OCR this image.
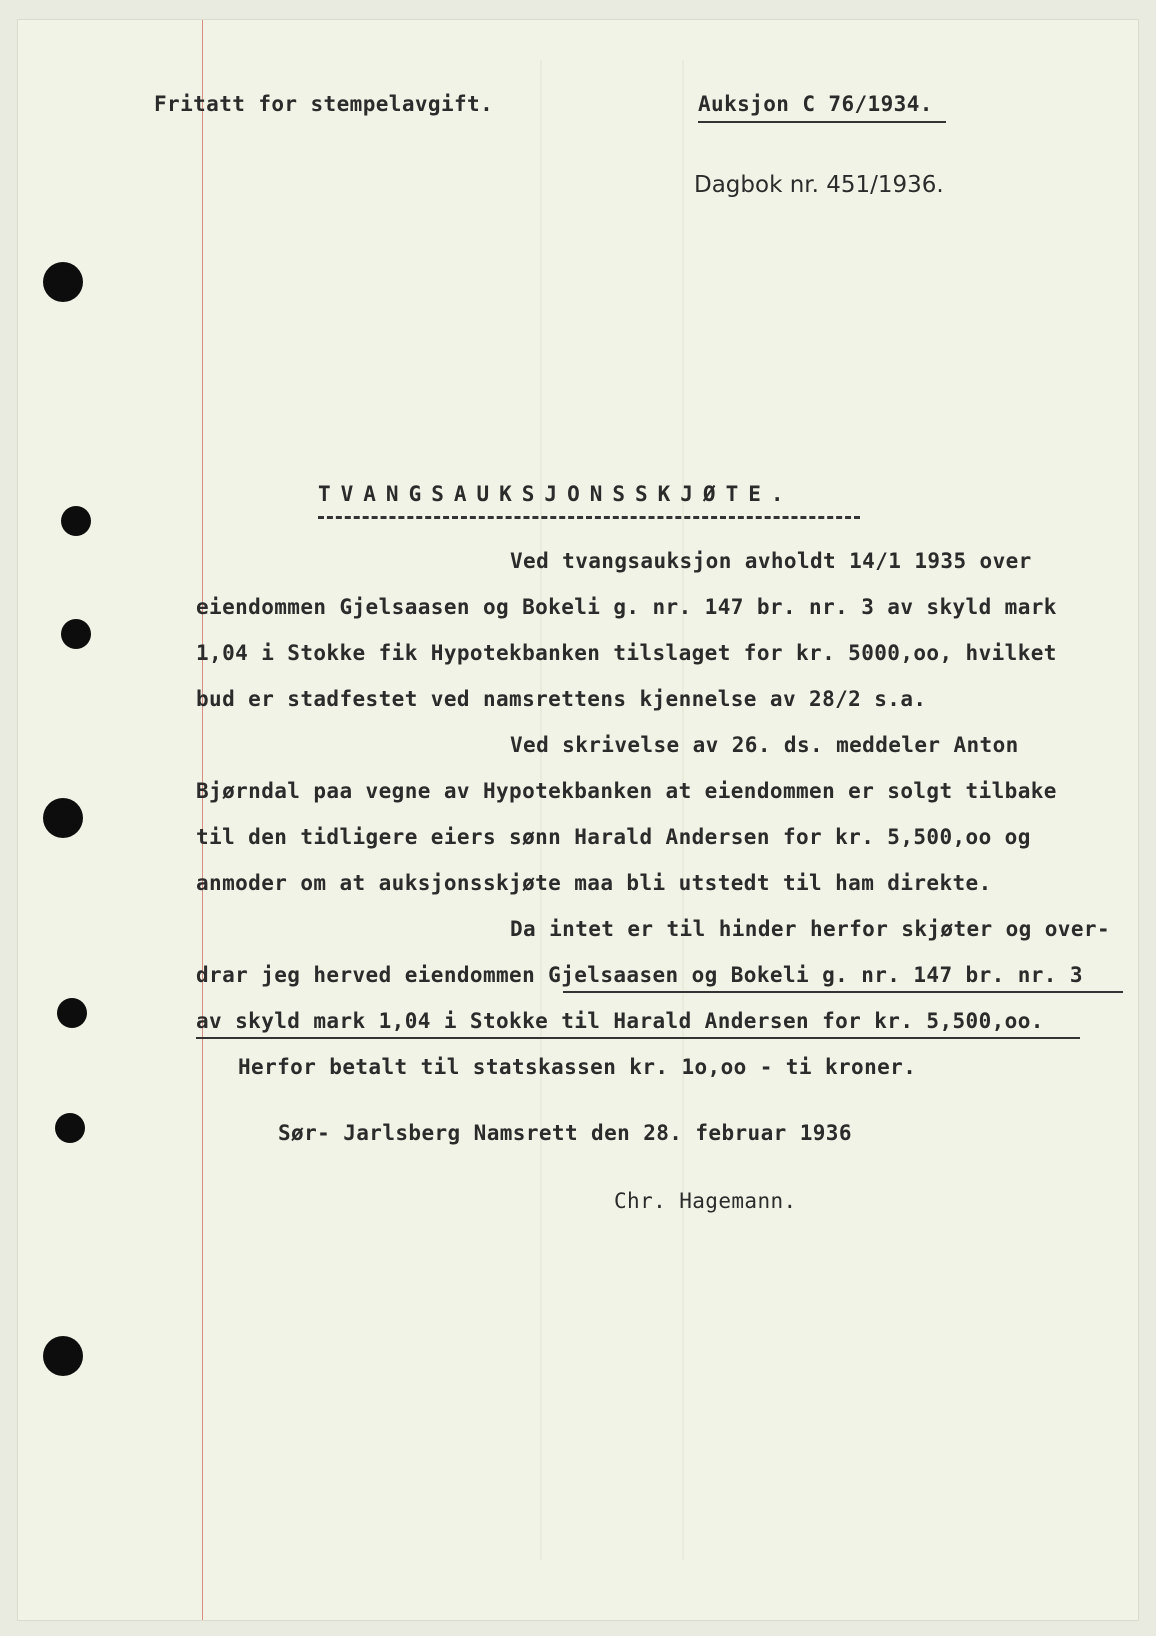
Fritatt for stempelavgift.	Auksjon C 76/1934.
Dagbok nr. 451/1936.
TVANGSAUKSJONSSKJØTE.
Ved tvangsauksjon avholdt 14/1 1935 over
eiendommen Gjelsaasen og Bokeli g. nr. 147 br. nr. 3 av skyld mark
1,04 i Stokke fik Hypotekbanken tilslaget for kr. 5000,oo, hvilket
bud er stadfestet ved namsrettens kjennelse av 28/2 s.a.
Ved skrivelse av 26. ds. meddeler Anton
Bjørndal paa vegne av Hypotekbanken at eiendommen er solgt tilbake
til den tidligere eiers sønn Harald Andersen for kr. 5,500,oo og
anmoder om at auksjonsskjøte maa bli utstedt til ham direkte.
Da intet er til hinder herfor skjøter og over-
drar jeg herved eiendommen Gjelsaasen og Bokeli g. nr. 147 br. nr. 3
av skyld mark 1,04 i Stokke til Harald Andersen for kr. 5,500,oo.
Herfor betalt til statskassen kr. 1o,oo - ti kroner.
Sør- Jarlsberg Namsrett den 28. februar 1936
Chr. Hagemann.
